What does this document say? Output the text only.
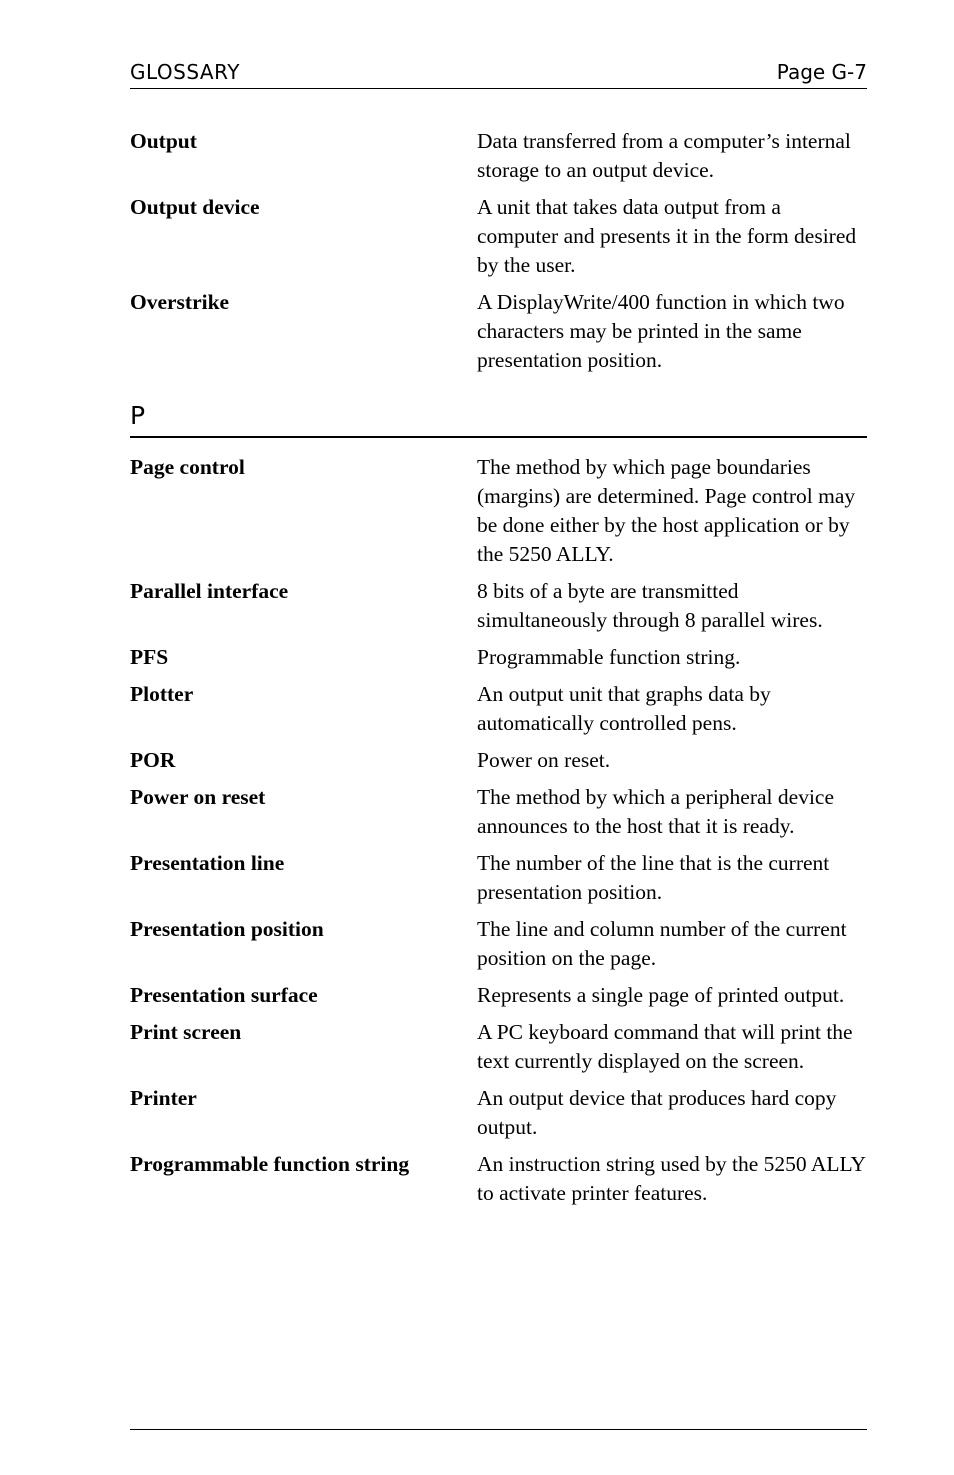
GLOSSARY	Page G-7
Output	Data transferred from a computer’s internal storage to an output device.
Output device	A unit that takes data output from a computer and presents it in the form desired by the user.
Overstrike	A DisplayWrite/400 function in which two characters may be printed in the same presentation position.
P
Page control	The method by which page boundaries (margins) are determined. Page control may be done either by the host application or by the 5250 ALLY.
Parallel interface	8 bits of a byte are transmitted simultaneously through 8 parallel wires.
PFS	Programmable function string.
Plotter	An output unit that graphs data by automatically controlled pens.
POR	Power on reset.
Power on reset	The method by which a peripheral device announces to the host that it is ready.
Presentation line	The number of the line that is the current presentation position.
Presentation position	The line and column number of the current position on the page.
Presentation surface	Represents a single page of printed output.
Print screen	A PC keyboard command that will print the text currently displayed on the screen.
Printer	An output device that produces hard copy output.
Programmable function string	An instruction string used by the 5250 ALLY to activate printer features.
